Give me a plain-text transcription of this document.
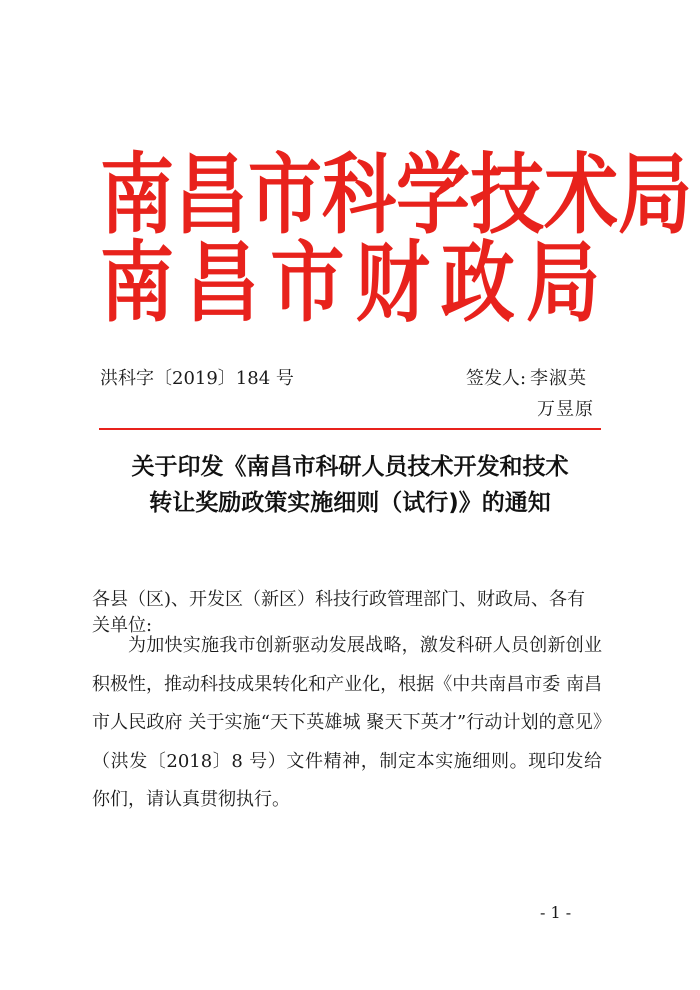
南 昌 市 科 学 技 术 局
南 昌 市 财 政 局
洪科字〔2019〕184 号	签发人: 李淑英
万昱原
关于印发《南昌市科研人员技术开发和技术
转让奖励政策实施细则（试行)》的通知
各县（区)、开发区（新区）科技行政管理部门、财政局、各有关单位:
为加快实施我市创新驱动发展战略，激发科研人员创新创业积极性，推动科技成果转化和产业化，根据《中共南昌市委 南昌市人民政府 关于实施“天下英雄城 聚天下英才”行动计划的意见》（洪发〔2018〕8 号）文件精神，制定本实施细则。现印发给你们，请认真贯彻执行。
- 1 -
